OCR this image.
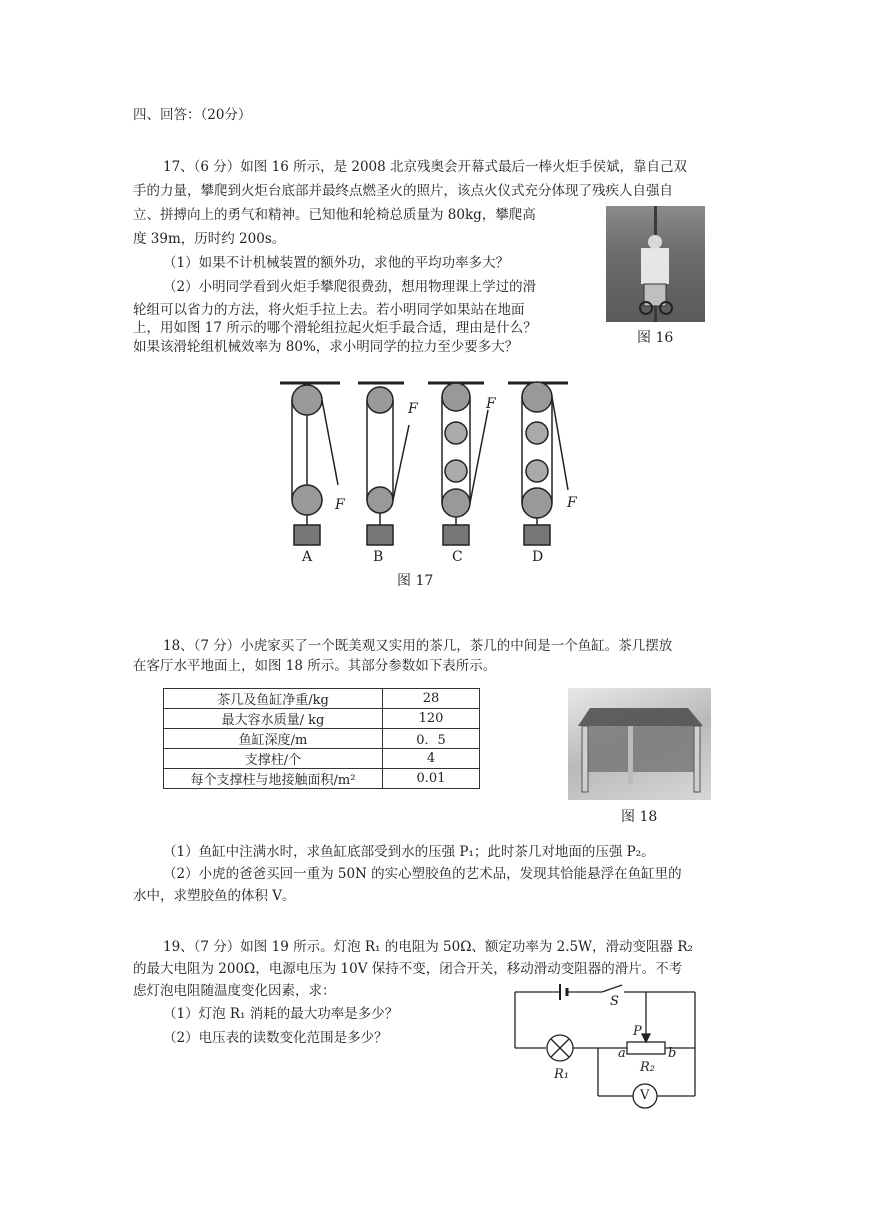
四、回答：（20分）
17、（6 分）如图 16 所示，是 2008 北京残奥会开幕式最后一棒火炬手侯斌，靠自己双
手的力量，攀爬到火炬台底部并最终点燃圣火的照片，该点火仪式充分体现了残疾人自强自
立、拼搏向上的勇气和精神。已知他和轮椅总质量为 80kg，攀爬高
度 39m，历时约 200s。
（1）如果不计机械装置的额外功，求他的平均功率多大？
（2）小明同学看到火炬手攀爬很费劲，想用物理课上学过的滑
轮组可以省力的方法，将火炬手拉上去。若小明同学如果站在地面
上，用如图 17 所示的哪个滑轮组拉起火炬手最合适，理由是什么？
如果该滑轮组机械效率为 80%，求小明同学的拉力至少要多大？
图 16
F
F	F
F
A	B	C	D
图 17
18、（7 分）小虎家买了一个既美观又实用的茶几，茶几的中间是一个鱼缸。茶几摆放
在客厅水平地面上，如图 18 所示。其部分参数如下表所示。
茶几及鱼缸净重/kg	28
最大容水质量/ kg	120
鱼缸深度/m	0．5
支撑柱/个	4
每个支撑柱与地接触面积/m²	0.01
图 18
（1）鱼缸中注满水时，求鱼缸底部受到水的压强 P₁；此时茶几对地面的压强 P₂。
（2）小虎的爸爸买回一重为 50N 的实心塑胶鱼的艺术品，发现其恰能悬浮在鱼缸里的
水中，求塑胶鱼的体积 V。
19、（7 分）如图 19 所示。灯泡 R₁ 的电阻为 50Ω、额定功率为 2.5W，滑动变阻器 R₂
的最大电阻为 200Ω，电源电压为 10V 保持不变，闭合开关，移动滑动变阻器的滑片。不考
虑灯泡电阻随温度变化因素，求：
（1）灯泡 R₁ 消耗的最大功率是多少？
（2）电压表的读数变化范围是多少？
S
P
a	b
R₁	R₂
V
